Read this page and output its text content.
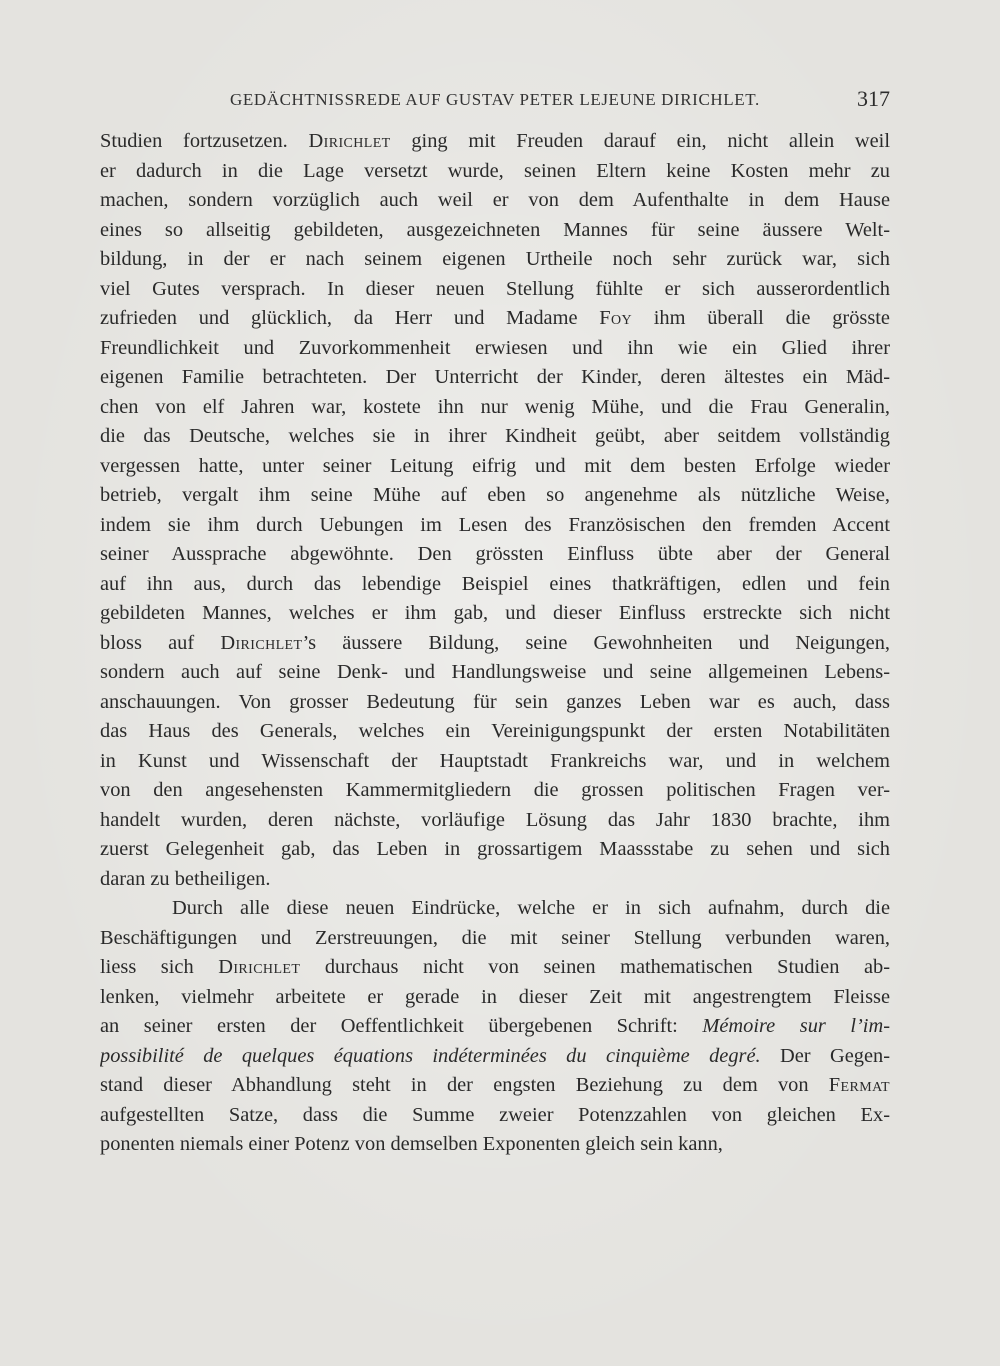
GEDÄCHTNISSREDE AUF GUSTAV PETER LEJEUNE DIRICHLET.	317
Studien fortzusetzen. Dirichlet ging mit Freuden darauf ein, nicht allein weil
er dadurch in die Lage versetzt wurde, seinen Eltern keine Kosten mehr zu
machen, sondern vorzüglich auch weil er von dem Aufenthalte in dem Hause
eines so allseitig gebildeten, ausgezeichneten Mannes für seine äussere Welt-
bildung, in der er nach seinem eigenen Urtheile noch sehr zurück war, sich
viel Gutes versprach. In dieser neuen Stellung fühlte er sich ausserordentlich
zufrieden und glücklich, da Herr und Madame Foy ihm überall die grösste
Freundlichkeit und Zuvorkommenheit erwiesen und ihn wie ein Glied ihrer
eigenen Familie betrachteten. Der Unterricht der Kinder, deren ältestes ein Mäd-
chen von elf Jahren war, kostete ihn nur wenig Mühe, und die Frau Generalin,
die das Deutsche, welches sie in ihrer Kindheit geübt, aber seitdem vollständig
vergessen hatte, unter seiner Leitung eifrig und mit dem besten Erfolge wieder
betrieb, vergalt ihm seine Mühe auf eben so angenehme als nützliche Weise,
indem sie ihm durch Uebungen im Lesen des Französischen den fremden Accent
seiner Aussprache abgewöhnte. Den grössten Einfluss übte aber der General
auf ihn aus, durch das lebendige Beispiel eines thatkräftigen, edlen und fein
gebildeten Mannes, welches er ihm gab, und dieser Einfluss erstreckte sich nicht
bloss auf Dirichlet’s äussere Bildung, seine Gewohnheiten und Neigungen,
sondern auch auf seine Denk- und Handlungsweise und seine allgemeinen Lebens-
anschauungen. Von grosser Bedeutung für sein ganzes Leben war es auch, dass
das Haus des Generals, welches ein Vereinigungspunkt der ersten Notabilitäten
in Kunst und Wissenschaft der Hauptstadt Frankreichs war, und in welchem
von den angesehensten Kammermitgliedern die grossen politischen Fragen ver-
handelt wurden, deren nächste, vorläufige Lösung das Jahr 1830 brachte, ihm
zuerst Gelegenheit gab, das Leben in grossartigem Maassstabe zu sehen und sich
daran zu betheiligen.
Durch alle diese neuen Eindrücke, welche er in sich aufnahm, durch die
Beschäftigungen und Zerstreuungen, die mit seiner Stellung verbunden waren,
liess sich Dirichlet durchaus nicht von seinen mathematischen Studien ab-
lenken, vielmehr arbeitete er gerade in dieser Zeit mit angestrengtem Fleisse
an seiner ersten der Oeffentlichkeit übergebenen Schrift: Mémoire sur l’im-
possibilité de quelques équations indéterminées du cinquième degré. Der Gegen-
stand dieser Abhandlung steht in der engsten Beziehung zu dem von Fermat
aufgestellten Satze, dass die Summe zweier Potenzzahlen von gleichen Ex-
ponenten niemals einer Potenz von demselben Exponenten gleich sein kann,
